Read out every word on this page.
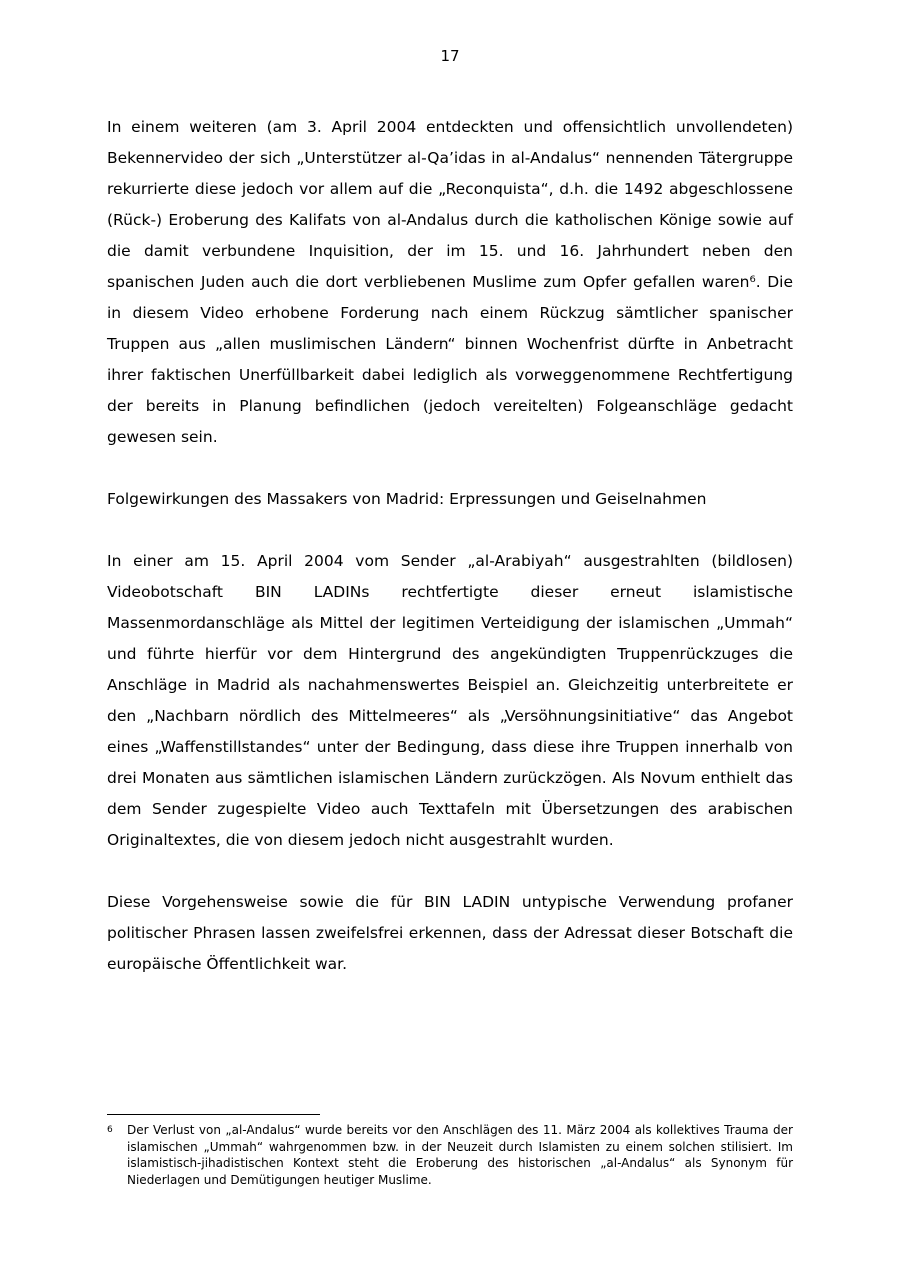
17

In einem weiteren (am 3. April 2004 entdeckten und offensichtlich unvollendeten) Bekennervideo der sich „Unterstützer al-Qa’idas in al-Andalus“ nennenden Tätergruppe rekurrierte diese jedoch vor allem auf die „Reconquista“, d.h. die 1492 abgeschlossene (Rück-) Eroberung des Kalifats von al-Andalus durch die katholischen Könige sowie auf die damit verbundene Inquisition, der im 15. und 16. Jahrhundert neben den spanischen Juden auch die dort verbliebenen Muslime zum Opfer gefallen waren⁶. Die in diesem Video erhobene Forderung nach einem Rückzug sämtlicher spanischer Truppen aus „allen muslimischen Ländern“ binnen Wochenfrist dürfte in Anbetracht ihrer faktischen Unerfüllbarkeit dabei lediglich als vorweggenommene Rechtfertigung der bereits in Planung befindlichen (jedoch vereitelten) Folgeanschläge gedacht gewesen sein.

Folgewirkungen des Massakers von Madrid: Erpressungen und Geiselnahmen

In einer am 15. April 2004 vom Sender „al-Arabiyah“ ausgestrahlten (bildlosen) Videobotschaft BIN LADINs rechtfertigte dieser erneut islamistische Massenmordanschläge als Mittel der legitimen Verteidigung der islamischen „Ummah“ und führte hierfür vor dem Hintergrund des angekündigten Truppenrückzuges die Anschläge in Madrid als nachahmenswertes Beispiel an. Gleichzeitig unterbreitete er den „Nachbarn nördlich des Mittelmeeres“ als „Versöhnungsinitiative“ das Angebot eines „Waffenstillstandes“ unter der Bedingung, dass diese ihre Truppen innerhalb von drei Monaten aus sämtlichen islamischen Ländern zurückzögen. Als Novum enthielt das dem Sender zugespielte Video auch Texttafeln mit Übersetzungen des arabischen Originaltextes, die von diesem jedoch nicht ausgestrahlt wurden.

Diese Vorgehensweise sowie die für BIN LADIN untypische Verwendung profaner politischer Phrasen lassen zweifelsfrei erkennen, dass der Adressat dieser Botschaft die europäische Öffentlichkeit war.

6	Der Verlust von „al-Andalus“ wurde bereits vor den Anschlägen des 11. März 2004 als kollektives Trauma der islamischen „Ummah“ wahrgenommen bzw. in der Neuzeit durch Islamisten zu einem solchen stilisiert. Im islamistisch-jihadistischen Kontext steht die Eroberung des historischen „al-Andalus“ als Synonym für Niederlagen und Demütigungen heutiger Muslime.
